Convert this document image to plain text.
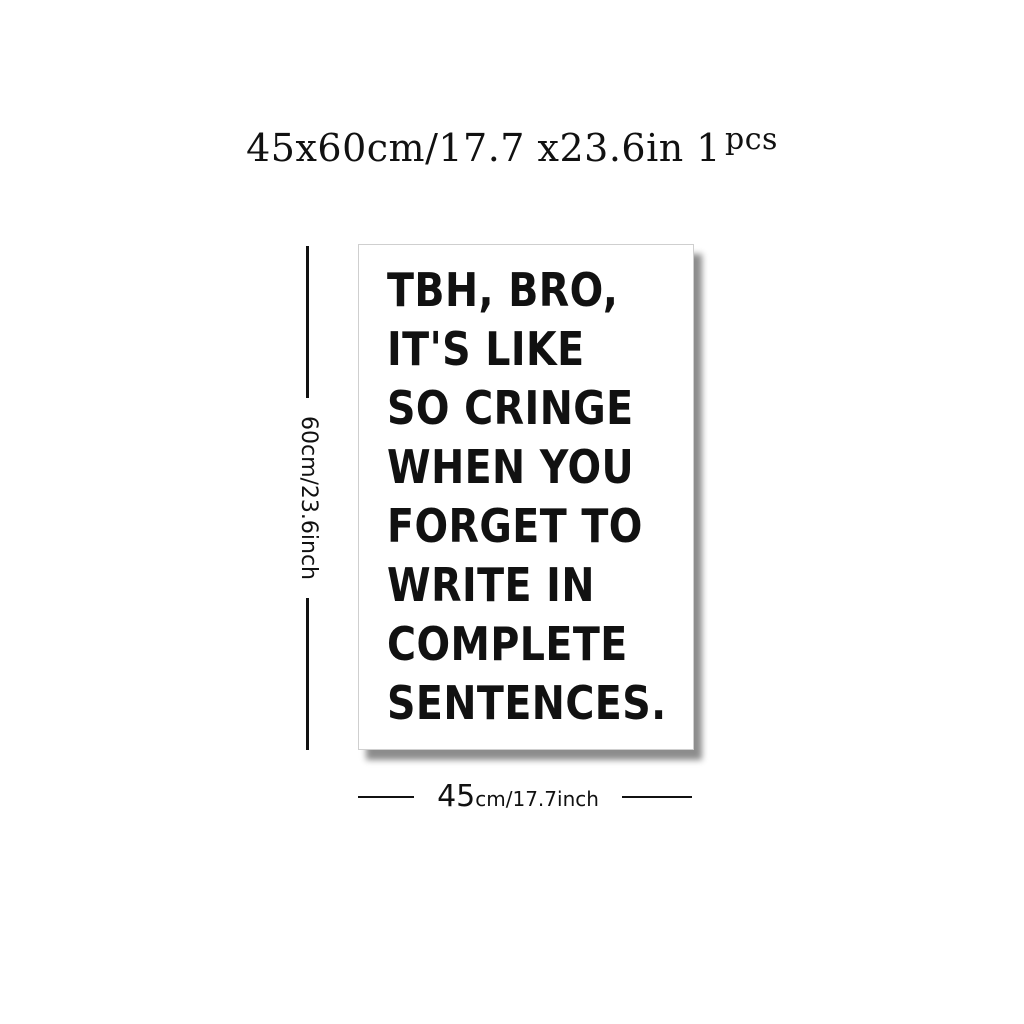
45x60cm/17.7 x23.6in 1 $^{pcs}$
60cm/23.6inch
TBH, BRO,
IT'S LIKE
SO CRINGE
WHEN YOU
FORGET TO
WRITE IN
COMPLETE
SENTENCES.
45cm/17.7inch
